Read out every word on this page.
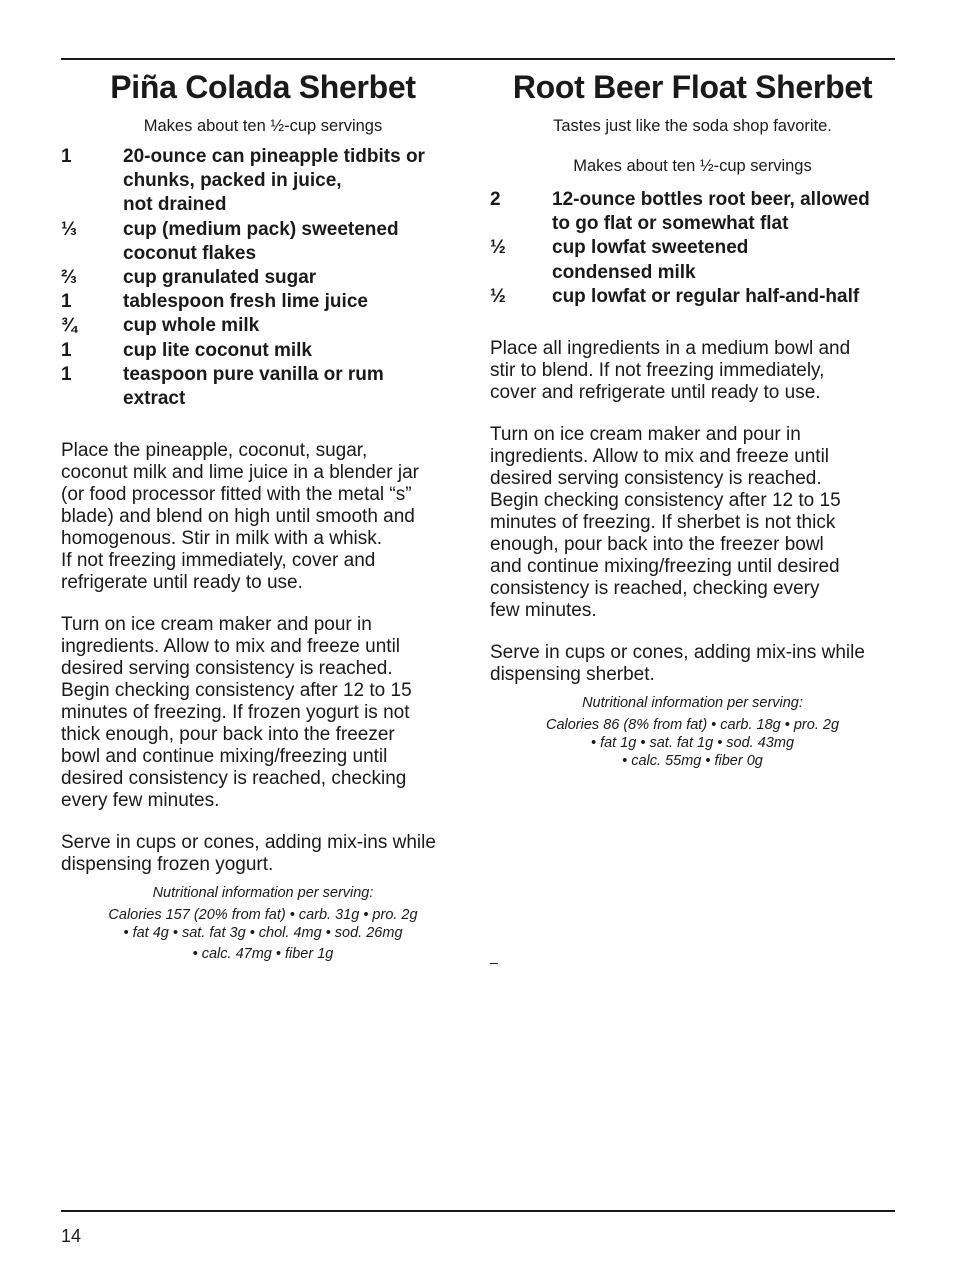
Piña Colada Sherbet
Makes about ten ½-cup servings
1	20-ounce can pineapple tidbits or
chunks, packed in juice,
not drained
⅓	cup (medium pack) sweetened
coconut flakes
⅔	cup granulated sugar
1	tablespoon fresh lime juice
¾	cup whole milk
1	cup lite coconut milk
1	teaspoon pure vanilla or rum
extract
Place the pineapple, coconut, sugar,
coconut milk and lime juice in a blender jar
(or food processor fitted with the metal “s”
blade) and blend on high until smooth and
homogenous. Stir in milk with a whisk.
If not freezing immediately, cover and
refrigerate until ready to use.
Turn on ice cream maker and pour in
ingredients. Allow to mix and freeze until
desired serving consistency is reached.
Begin checking consistency after 12 to 15
minutes of freezing. If frozen yogurt is not
thick enough, pour back into the freezer
bowl and continue mixing/freezing until
desired consistency is reached, checking
every few minutes.
Serve in cups or cones, adding mix-ins while
dispensing frozen yogurt.
Nutritional information per serving:
Calories 157 (20% from fat) • carb. 31g • pro. 2g
• fat 4g • sat. fat 3g • chol. 4mg • sod. 26mg
• calc. 47mg • fiber 1g
Root Beer Float Sherbet
Tastes just like the soda shop favorite.
Makes about ten ½-cup servings
2	12-ounce bottles root beer, allowed
to go flat or somewhat flat
½	cup lowfat sweetened
condensed milk
½	cup lowfat or regular half-and-half
Place all ingredients in a medium bowl and
stir to blend. If not freezing immediately,
cover and refrigerate until ready to use.
Turn on ice cream maker and pour in
ingredients. Allow to mix and freeze until
desired serving consistency is reached.
Begin checking consistency after 12 to 15
minutes of freezing. If sherbet is not thick
enough, pour back into the freezer bowl
and continue mixing/freezing until desired
consistency is reached, checking every
few minutes.
Serve in cups or cones, adding mix-ins while
dispensing sherbet.
Nutritional information per serving:
Calories 86 (8% from fat) • carb. 18g • pro. 2g
• fat 1g • sat. fat 1g • sod. 43mg
• calc. 55mg • fiber 0g
14
